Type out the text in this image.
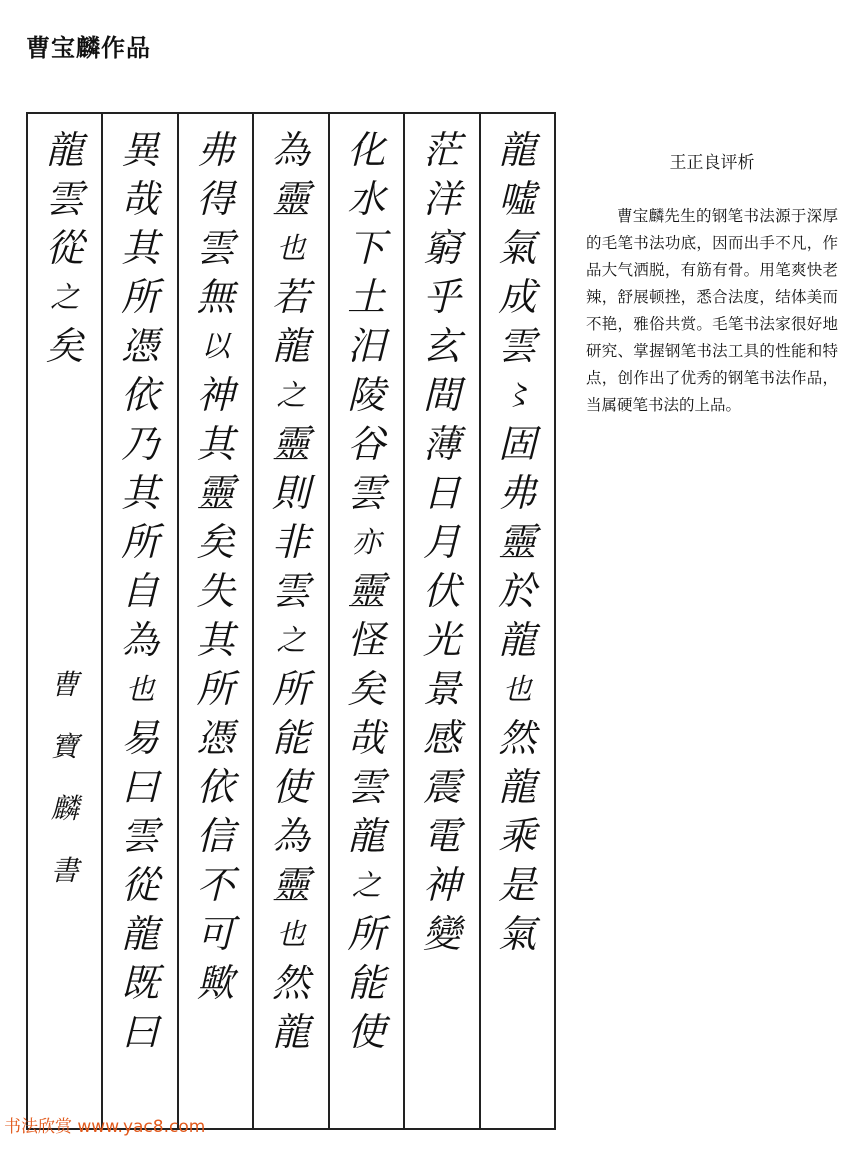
曹宝麟作品
龍
雲
從
之
矣
曹
寶
麟
書
異
哉
其
所
憑
依
乃
其
所
自
為
也
易
曰
雲
從
龍
既
曰
弗
得
雲
無
以
神
其
靈
矣
失
其
所
憑
依
信
不
可
歟
為
靈
也
若
龍
之
靈
則
非
雲
之
所
能
使
為
靈
也
然
龍
化
水
下
土
汨
陵
谷
雲
亦
靈
怪
矣
哉
雲
龍
之
所
能
使
茫
洋
窮
乎
玄
間
薄
日
月
伏
光
景
感
震
電
神
變
龍
噓
氣
成
雲
〻
固
弗
靈
於
龍
也
然
龍
乘
是
氣
王正良评析
曹宝麟先生的钢笔书法源于深厚的毛笔书法功底，因而出手不凡，作品大气洒脱，有筋有骨。用笔爽快老辣，舒展顿挫，悉合法度，结体美而不艳，雅俗共赏。毛笔书法家很好地研究、掌握钢笔书法工具的性能和特点，创作出了优秀的钢笔书法作品，当属硬笔书法的上品。
书法欣赏 www.yac8.com
